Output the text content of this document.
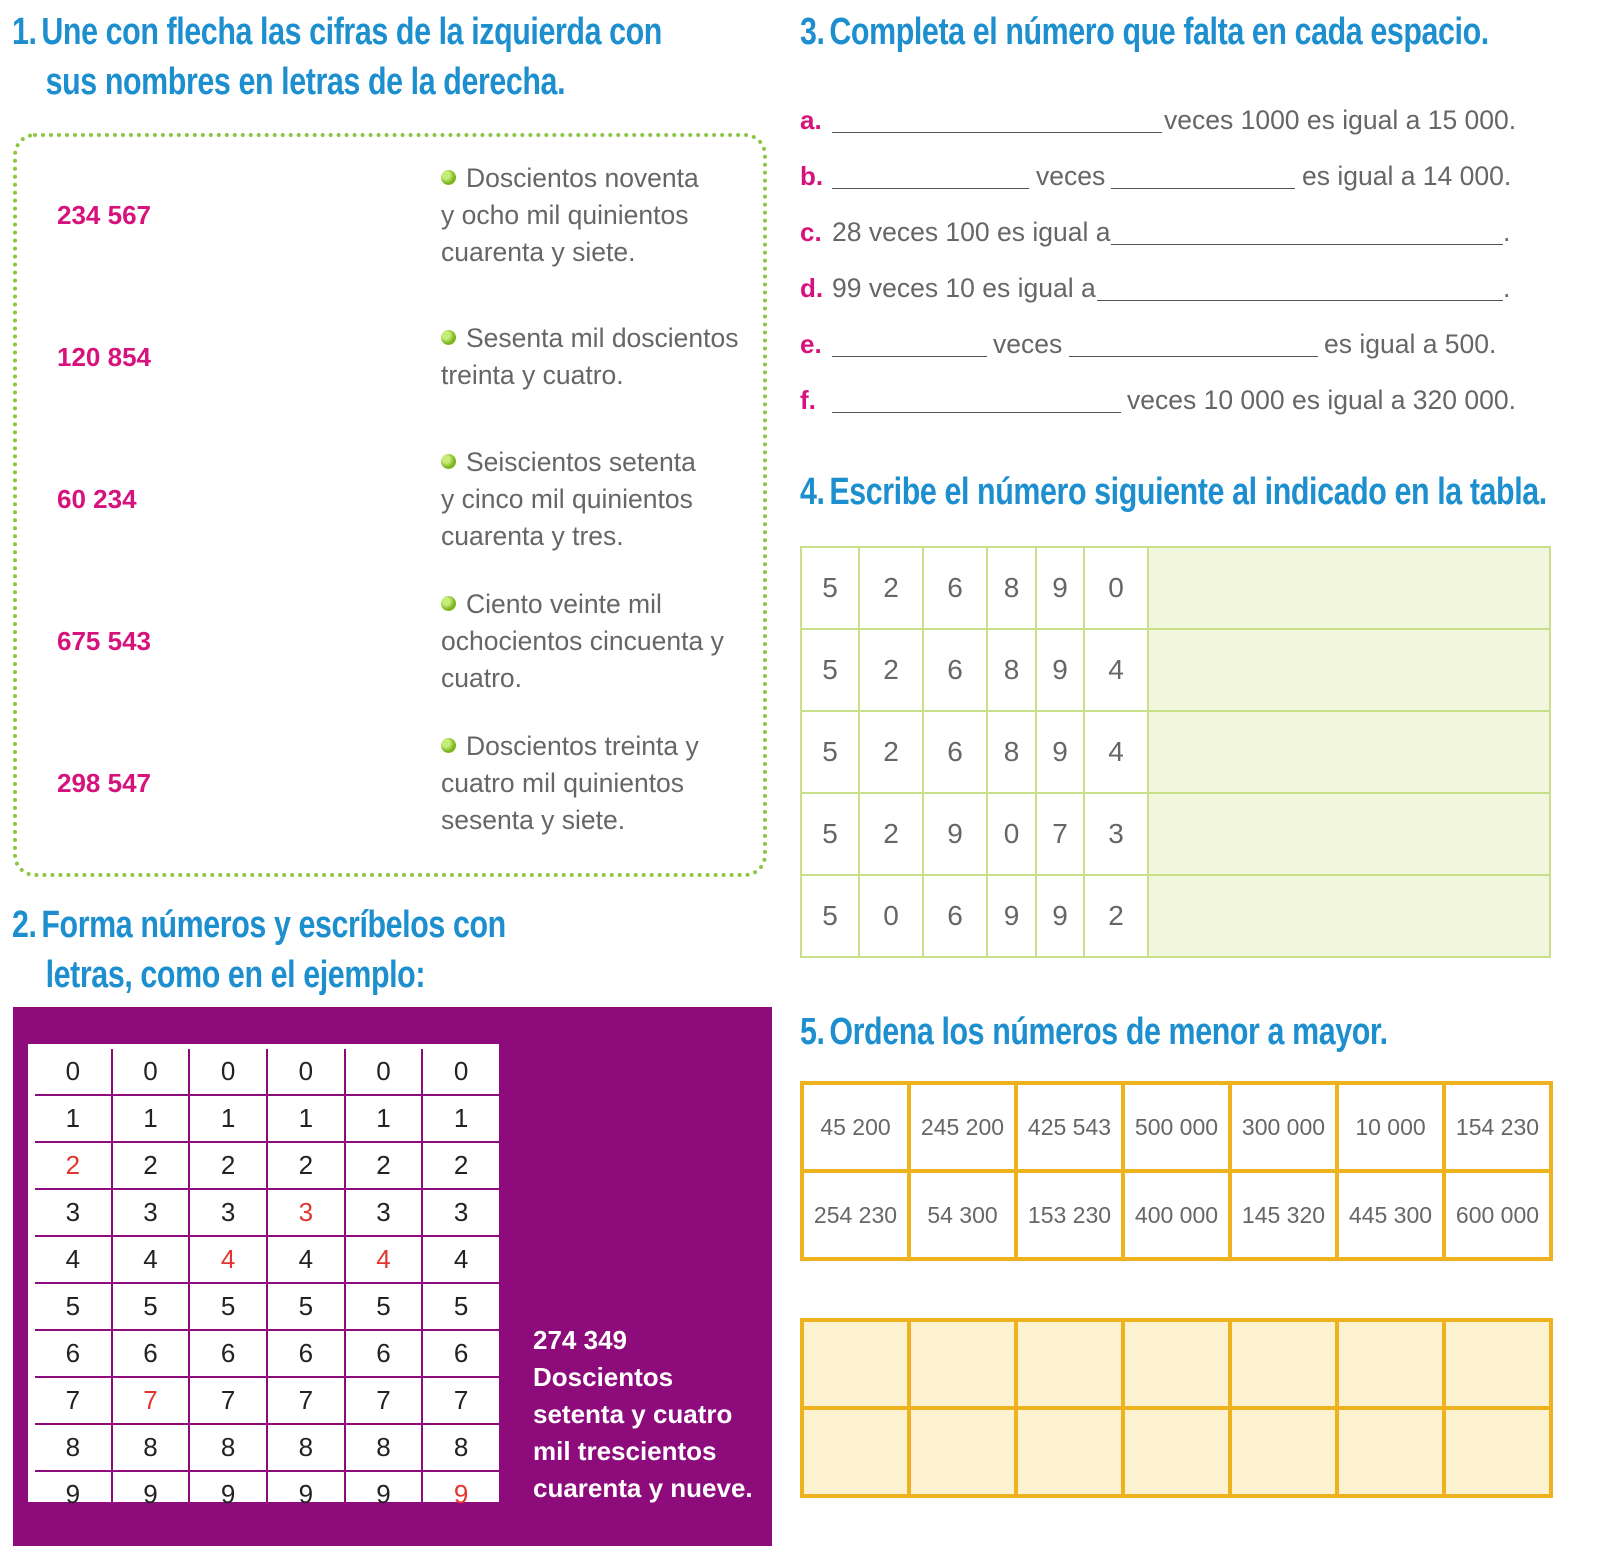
1. Une con flecha las cifras de la izquierda con
sus nombres en letras de la derecha.
234 567
120 854
60 234
675 543
298 547
Doscientos noventa
y ocho mil quinientos
cuarenta y siete.
Sesenta mil doscientos
treinta y cuatro.
Seiscientos setenta
y cinco mil quinientos
cuarenta y tres.
Ciento veinte mil
ochocientos cincuenta y
cuatro.
Doscientos treinta y
cuatro mil quinientos
sesenta y siete.
2. Forma números y escríbelos con
letras, como en el ejemplo:
0	0	0	0	0	0
1	1	1	1	1	1
2	2	2	2	2	2
3	3	3	3	3	3
4	4	4	4	4	4
5	5	5	5	5	5
6	6	6	6	6	6
7	7	7	7	7	7
8	8	8	8	8	8
9	9	9	9	9	9
274 349
Doscientos
setenta y cuatro
mil trescientos
cuarenta y nueve.
3. Completa el número que falta en cada espacio.
a.	veces 1000 es igual a 15 000.
b.	veces	es igual a 14 000.
c. 28 veces 100 es igual a	.
d. 99 veces 10 es igual a	.
e.	veces	es igual a 500.
f.	veces 10 000 es igual a 320 000.
4. Escribe el número siguiente al indicado en la tabla.
5	2	6	8	9	0	
5	2	6	8	9	4	
5	2	6	8	9	4	
5	2	9	0	7	3	
5	0	6	9	9	2	
5. Ordena los números de menor a mayor.
45 200	245 200	425 543	500 000	300 000	10 000	154 230
254 230	54 300	153 230	400 000	145 320	445 300	600 000
